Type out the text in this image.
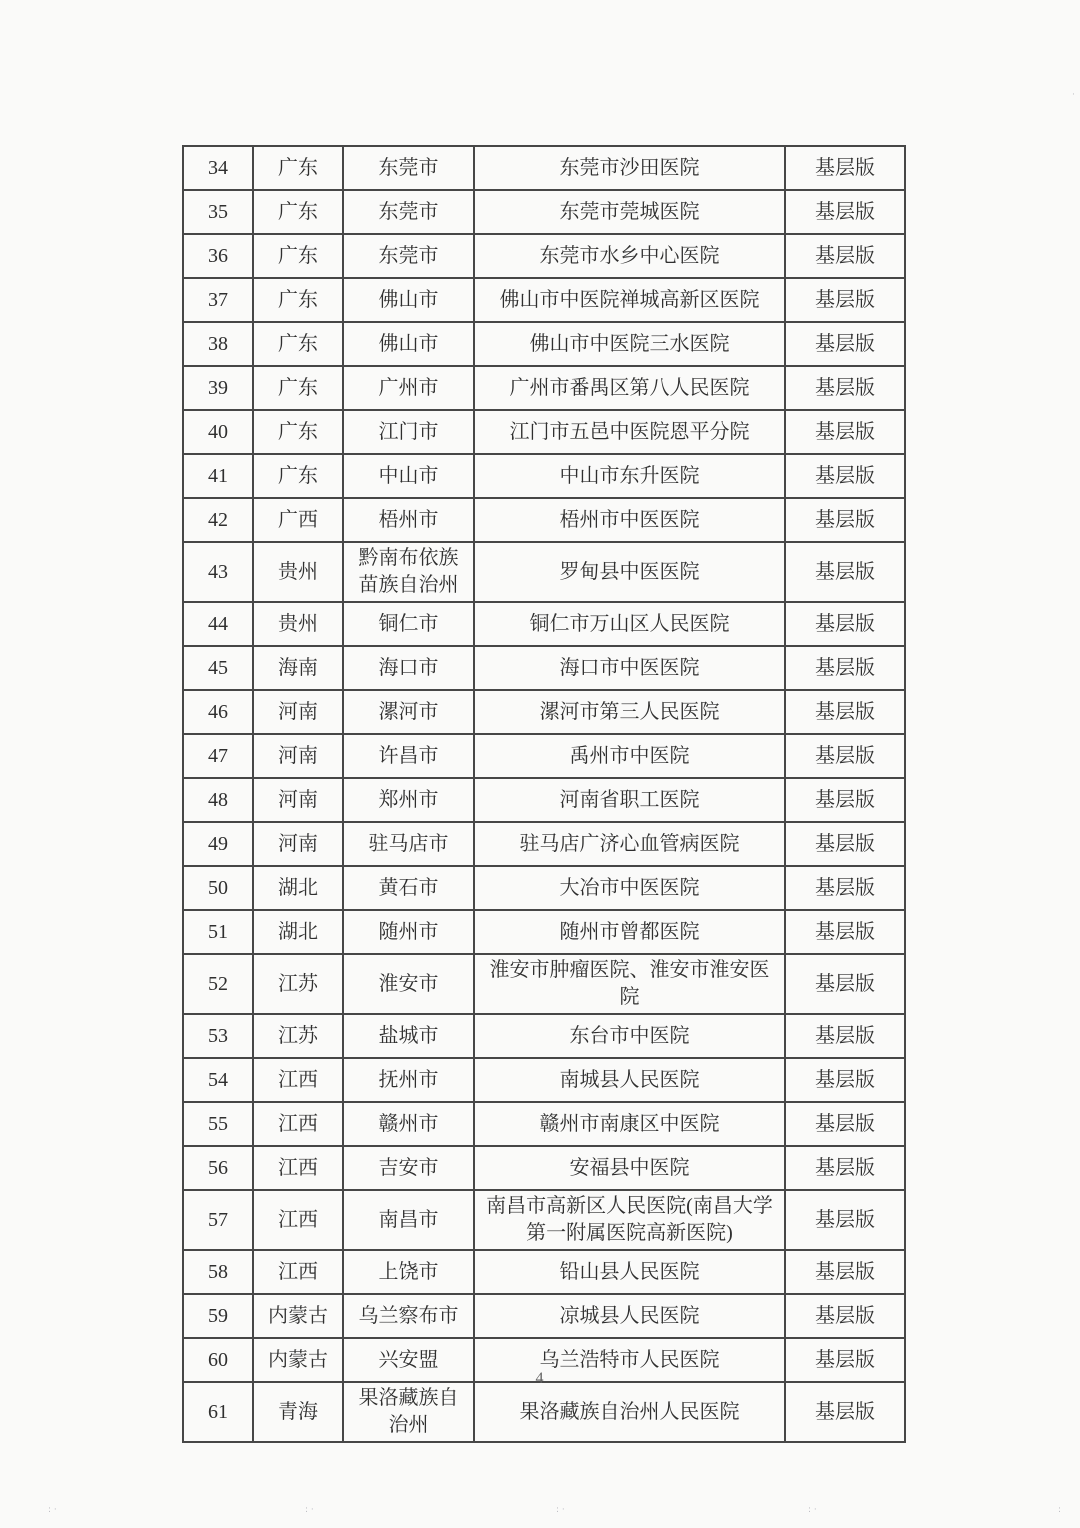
34	广东	东莞市	东莞市沙田医院	基层版
35	广东	东莞市	东莞市莞城医院	基层版
36	广东	东莞市	东莞市水乡中心医院	基层版
37	广东	佛山市	佛山市中医院禅城高新区医院	基层版
38	广东	佛山市	佛山市中医院三水医院	基层版
39	广东	广州市	广州市番禺区第八人民医院	基层版
40	广东	江门市	江门市五邑中医院恩平分院	基层版
41	广东	中山市	中山市东升医院	基层版
42	广西	梧州市	梧州市中医医院	基层版
43	贵州	黔南布依族苗族自治州	罗甸县中医医院	基层版
44	贵州	铜仁市	铜仁市万山区人民医院	基层版
45	海南	海口市	海口市中医医院	基层版
46	河南	漯河市	漯河市第三人民医院	基层版
47	河南	许昌市	禹州市中医院	基层版
48	河南	郑州市	河南省职工医院	基层版
49	河南	驻马店市	驻马店广济心血管病医院	基层版
50	湖北	黄石市	大冶市中医医院	基层版
51	湖北	随州市	随州市曾都医院	基层版
52	江苏	淮安市	淮安市肿瘤医院、淮安市淮安医院	基层版
53	江苏	盐城市	东台市中医院	基层版
54	江西	抚州市	南城县人民医院	基层版
55	江西	赣州市	赣州市南康区中医院	基层版
56	江西	吉安市	安福县中医院	基层版
57	江西	南昌市	南昌市高新区人民医院(南昌大学第一附属医院高新医院)	基层版
58	江西	上饶市	铅山县人民医院	基层版
59	内蒙古	乌兰察布市	凉城县人民医院	基层版
60	内蒙古	兴安盟	乌兰浩特市人民医院	基层版
61	青海	果洛藏族自治州	果洛藏族自治州人民医院	基层版
4
: ·	: ·	: ·	: ·	:
·
